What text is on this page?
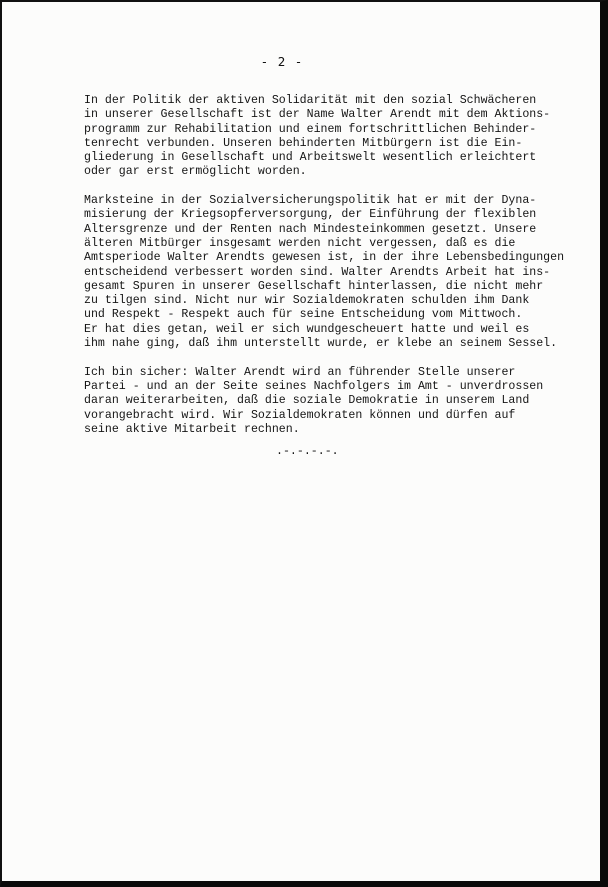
- 2 -

In der Politik der aktiven Solidarität mit den sozial Schwächeren
in unserer Gesellschaft ist der Name Walter Arendt mit dem Aktions-
programm zur Rehabilitation und einem fortschrittlichen Behinder-
tenrecht verbunden. Unseren behinderten Mitbürgern ist die Ein-
gliederung in Gesellschaft und Arbeitswelt wesentlich erleichtert
oder gar erst ermöglicht worden.

Marksteine in der Sozialversicherungspolitik hat er mit der Dyna-
misierung der Kriegsopferversorgung, der Einführung der flexiblen
Altersgrenze und der Renten nach Mindesteinkommen gesetzt. Unsere
älteren Mitbürger insgesamt werden nicht vergessen, daß es die
Amtsperiode Walter Arendts gewesen ist, in der ihre Lebensbedingungen
entscheidend verbessert worden sind. Walter Arendts Arbeit hat ins-
gesamt Spuren in unserer Gesellschaft hinterlassen, die nicht mehr
zu tilgen sind. Nicht nur wir Sozialdemokraten schulden ihm Dank
und Respekt - Respekt auch für seine Entscheidung vom Mittwoch.
Er hat dies getan, weil er sich wundgescheuert hatte und weil es
ihm nahe ging, daß ihm unterstellt wurde, er klebe an seinem Sessel.

Ich bin sicher: Walter Arendt wird an führender Stelle unserer
Partei - und an der Seite seines Nachfolgers im Amt - unverdrossen
daran weiterarbeiten, daß die soziale Demokratie in unserem Land
vorangebracht wird. Wir Sozialdemokraten können und dürfen auf
seine aktive Mitarbeit rechnen.

.-.-.-.-.
